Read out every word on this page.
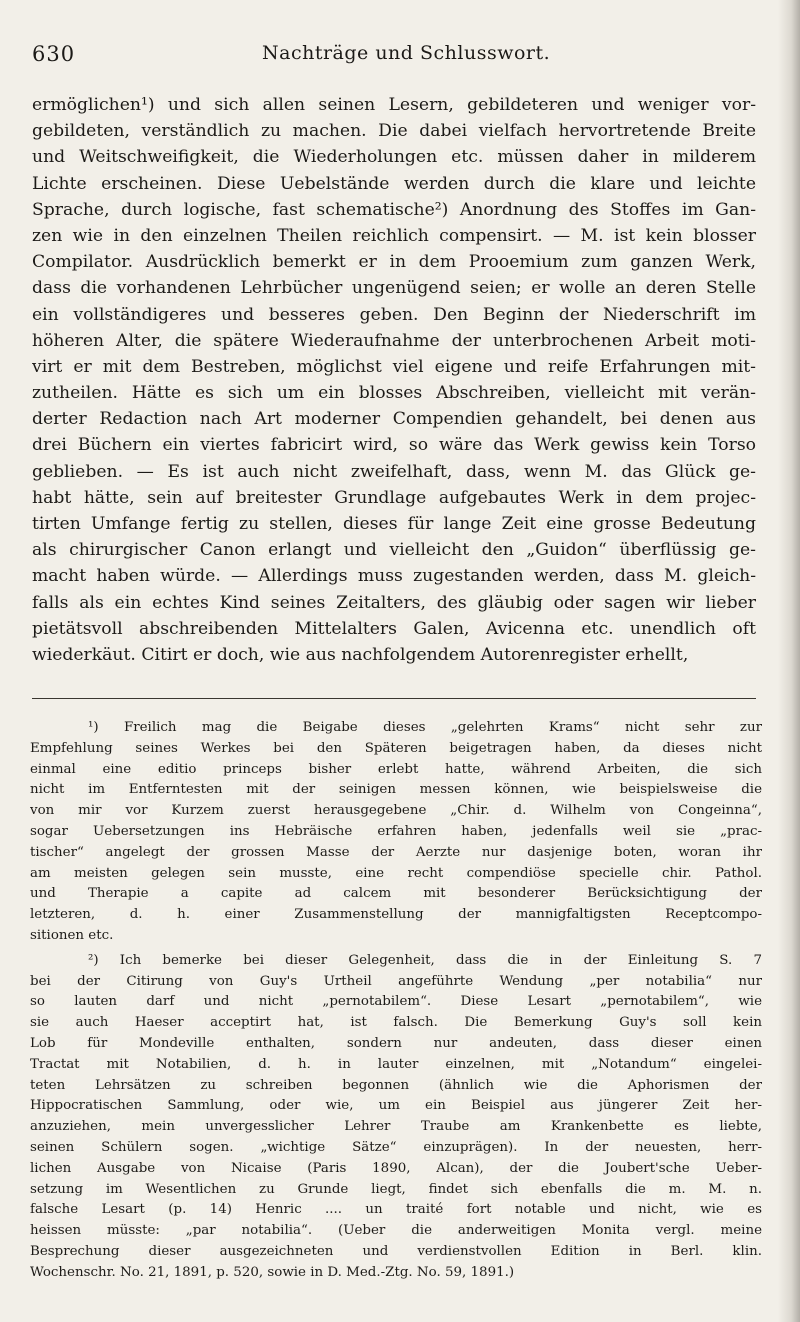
630	Nachträge und Schlusswort.
ermöglichen¹) und sich allen seinen Lesern, gebildeteren und weniger vor-
gebildeten, verständlich zu machen. Die dabei vielfach hervortretende Breite
und Weitschweifigkeit, die Wiederholungen etc. müssen daher in milderem
Lichte erscheinen. Diese Uebelstände werden durch die klare und leichte
Sprache, durch logische, fast schematische²) Anordnung des Stoffes im Gan-
zen wie in den einzelnen Theilen reichlich compensirt. — M. ist kein blosser
Compilator. Ausdrücklich bemerkt er in dem Prooemium zum ganzen Werk,
dass die vorhandenen Lehrbücher ungenügend seien; er wolle an deren Stelle
ein vollständigeres und besseres geben. Den Beginn der Niederschrift im
höheren Alter, die spätere Wiederaufnahme der unterbrochenen Arbeit moti-
virt er mit dem Bestreben, möglichst viel eigene und reife Erfahrungen mit-
zutheilen. Hätte es sich um ein blosses Abschreiben, vielleicht mit verän-
derter Redaction nach Art moderner Compendien gehandelt, bei denen aus
drei Büchern ein viertes fabricirt wird, so wäre das Werk gewiss kein Torso
geblieben. — Es ist auch nicht zweifelhaft, dass, wenn M. das Glück ge-
habt hätte, sein auf breitester Grundlage aufgebautes Werk in dem projec-
tirten Umfange fertig zu stellen, dieses für lange Zeit eine grosse Bedeutung
als chirurgischer Canon erlangt und vielleicht den „Guidon“ überflüssig ge-
macht haben würde. — Allerdings muss zugestanden werden, dass M. gleich-
falls als ein echtes Kind seines Zeitalters, des gläubig oder sagen wir lieber
pietätsvoll abschreibenden Mittelalters Galen, Avicenna etc. unendlich oft
wiederkäut. Citirt er doch, wie aus nachfolgendem Autorenregister erhellt,
¹) Freilich mag die Beigabe dieses „gelehrten Krams“ nicht sehr zur
Empfehlung seines Werkes bei den Späteren beigetragen haben, da dieses nicht
einmal eine editio princeps bisher erlebt hatte, während Arbeiten, die sich
nicht im Entferntesten mit der seinigen messen können, wie beispielsweise die
von mir vor Kurzem zuerst herausgegebene „Chir. d. Wilhelm von Congeinna“,
sogar Uebersetzungen ins Hebräische erfahren haben, jedenfalls weil sie „prac-
tischer“ angelegt der grossen Masse der Aerzte nur dasjenige boten, woran ihr
am meisten gelegen sein musste, eine recht compendiöse specielle chir. Pathol.
und Therapie a capite ad calcem mit besonderer Berücksichtigung der
letzteren, d. h. einer Zusammenstellung der mannigfaltigsten Receptcompo-
sitionen etc.
²) Ich bemerke bei dieser Gelegenheit, dass die in der Einleitung S. 7
bei der Citirung von Guy's Urtheil angeführte Wendung „per notabilia“ nur
so lauten darf und nicht „pernotabilem“. Diese Lesart „pernotabilem“, wie
sie auch Haeser acceptirt hat, ist falsch. Die Bemerkung Guy's soll kein
Lob für Mondeville enthalten, sondern nur andeuten, dass dieser einen
Tractat mit Notabilien, d. h. in lauter einzelnen, mit „Notandum“ eingelei-
teten Lehrsätzen zu schreiben begonnen (ähnlich wie die Aphorismen der
Hippocratischen Sammlung, oder wie, um ein Beispiel aus jüngerer Zeit her-
anzuziehen, mein unvergesslicher Lehrer Traube am Krankenbette es liebte,
seinen Schülern sogen. „wichtige Sätze“ einzuprägen). In der neuesten, herr-
lichen Ausgabe von Nicaise (Paris 1890, Alcan), der die Joubert'sche Ueber-
setzung im Wesentlichen zu Grunde liegt, findet sich ebenfalls die m. M. n.
falsche Lesart (p. 14) Henric .... un traité fort notable und nicht, wie es
heissen müsste: „par notabilia“. (Ueber die anderweitigen Monita vergl. meine
Besprechung dieser ausgezeichneten und verdienstvollen Edition in Berl. klin.
Wochenschr. No. 21, 1891, p. 520, sowie in D. Med.-Ztg. No. 59, 1891.)
